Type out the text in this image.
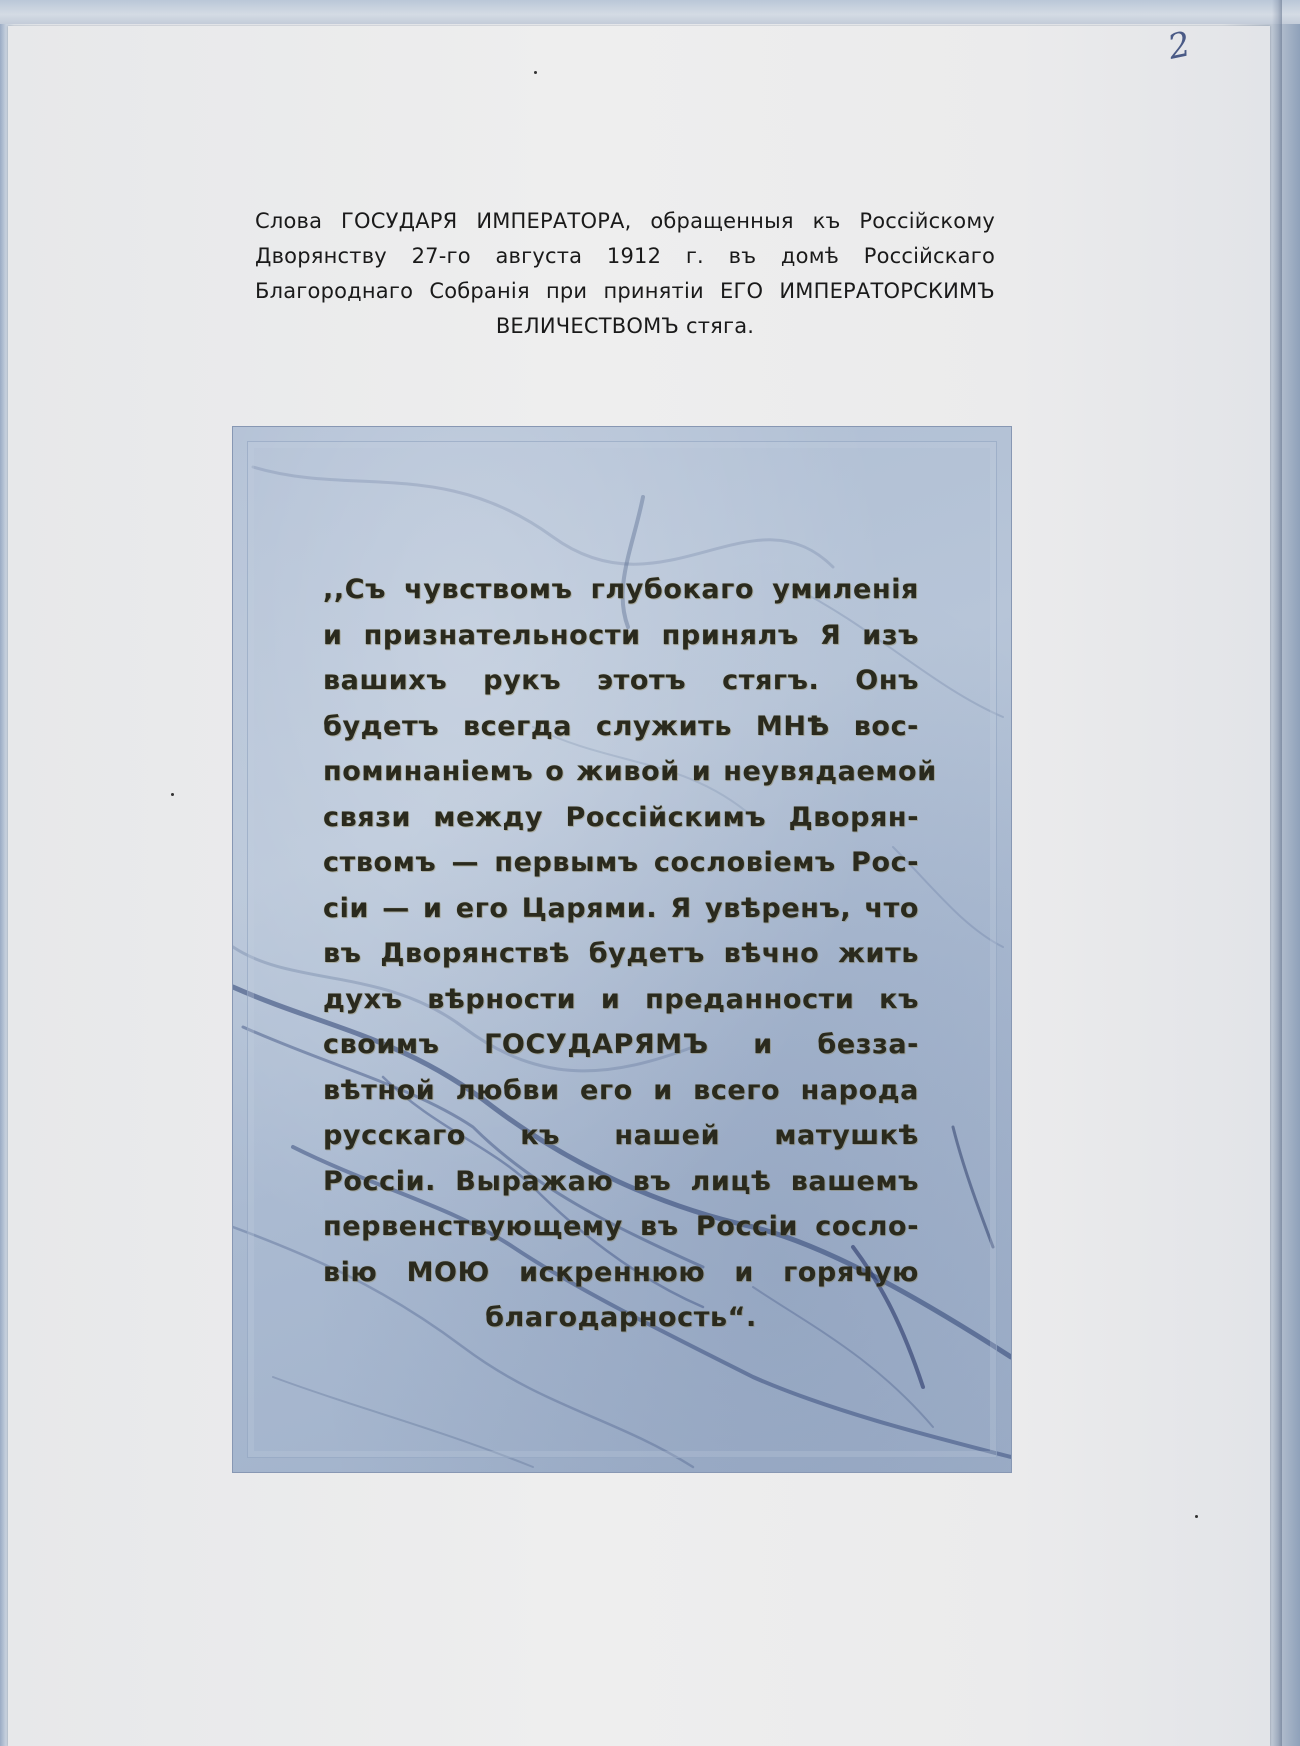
2
Слова ГОСУДАРЯ ИМПЕРАТОРА, обращенныя къ Россійскому Дворянству 27-го августа 1912 г. въ домѣ Россійскаго Благороднаго Собранія при принятіи ЕГО ИМПЕРАТОРСКИМЪ ВЕЛИЧЕСТВОМЪ стяга.
,,Съ чувствомъ глубокаго умиленія
и признательности принялъ Я изъ
вашихъ рукъ этотъ стягъ. Онъ
будетъ всегда служить МНѢ вос-
поминаніемъ о живой и неувядаемой
связи между Россійскимъ Дворян-
ствомъ — первымъ сословіемъ Рос-
сіи — и его Царями. Я увѣренъ, что
въ Дворянствѣ будетъ вѣчно жить
духъ вѣрности и преданности къ
своимъ ГОСУДАРЯМЪ и безза-
вѣтной любви его и всего народа
русскаго къ нашей матушкѣ
Россіи. Выражаю въ лицѣ вашемъ
первенствующему въ Россіи сосло-
вію МОЮ искреннюю и горячую
благодарность“.
